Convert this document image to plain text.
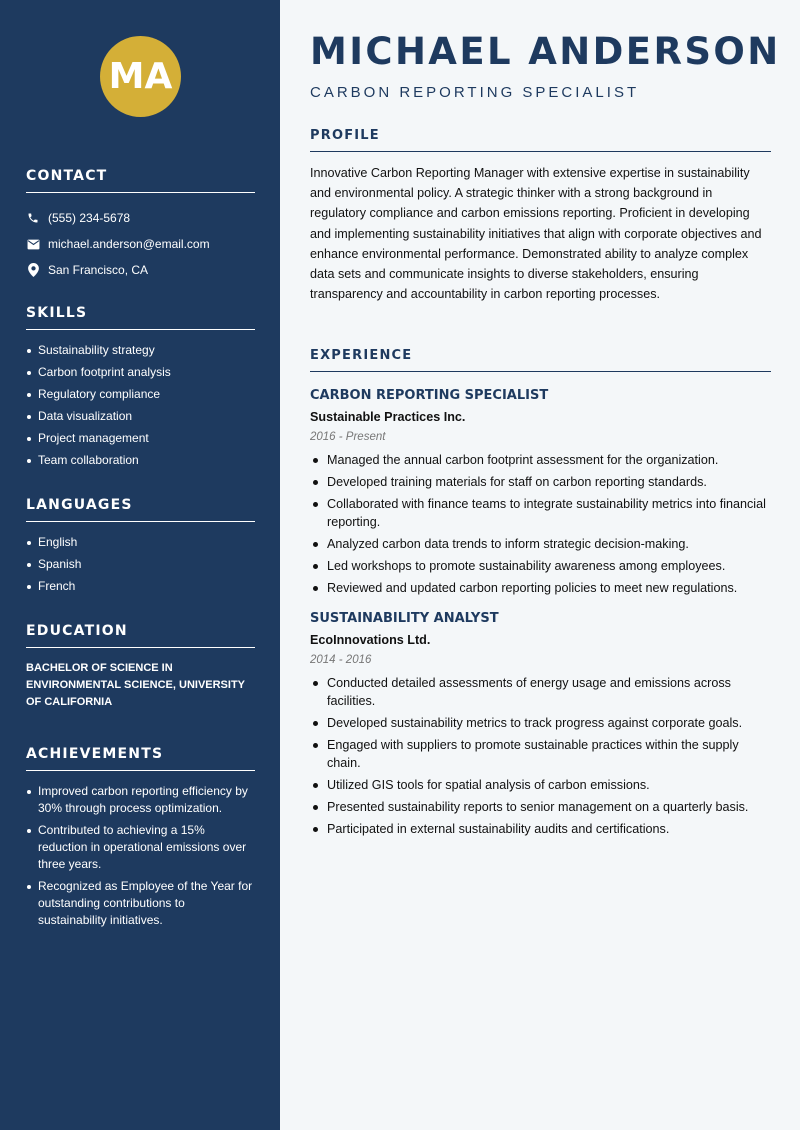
MA
CONTACT
(555) 234-5678
michael.anderson@email.com
San Francisco, CA
SKILLS
Sustainability strategy
Carbon footprint analysis
Regulatory compliance
Data visualization
Project management
Team collaboration
LANGUAGES
English
Spanish
French
EDUCATION
BACHELOR OF SCIENCE IN ENVIRONMENTAL SCIENCE, UNIVERSITY OF CALIFORNIA
ACHIEVEMENTS
Improved carbon reporting efficiency by 30% through process optimization.
Contributed to achieving a 15% reduction in operational emissions over three years.
Recognized as Employee of the Year for outstanding contributions to sustainability initiatives.
MICHAEL ANDERSON
CARBON REPORTING SPECIALIST
PROFILE

Innovative Carbon Reporting Manager with extensive expertise in sustainability and environmental policy. A strategic thinker with a strong background in regulatory compliance and carbon emissions reporting. Proficient in developing and implementing sustainability initiatives that align with corporate objectives and enhance environmental performance. Demonstrated ability to analyze complex data sets and communicate insights to diverse stakeholders, ensuring transparency and accountability in carbon reporting processes.

EXPERIENCE
CARBON REPORTING SPECIALIST
Sustainable Practices Inc.
2016 - Present
Managed the annual carbon footprint assessment for the organization.
Developed training materials for staff on carbon reporting standards.
Collaborated with finance teams to integrate sustainability metrics into financial reporting.
Analyzed carbon data trends to inform strategic decision-making.
Led workshops to promote sustainability awareness among employees.
Reviewed and updated carbon reporting policies to meet new regulations.
SUSTAINABILITY ANALYST
EcoInnovations Ltd.
2014 - 2016
Conducted detailed assessments of energy usage and emissions across facilities.
Developed sustainability metrics to track progress against corporate goals.
Engaged with suppliers to promote sustainable practices within the supply chain.
Utilized GIS tools for spatial analysis of carbon emissions.
Presented sustainability reports to senior management on a quarterly basis.
Participated in external sustainability audits and certifications.
